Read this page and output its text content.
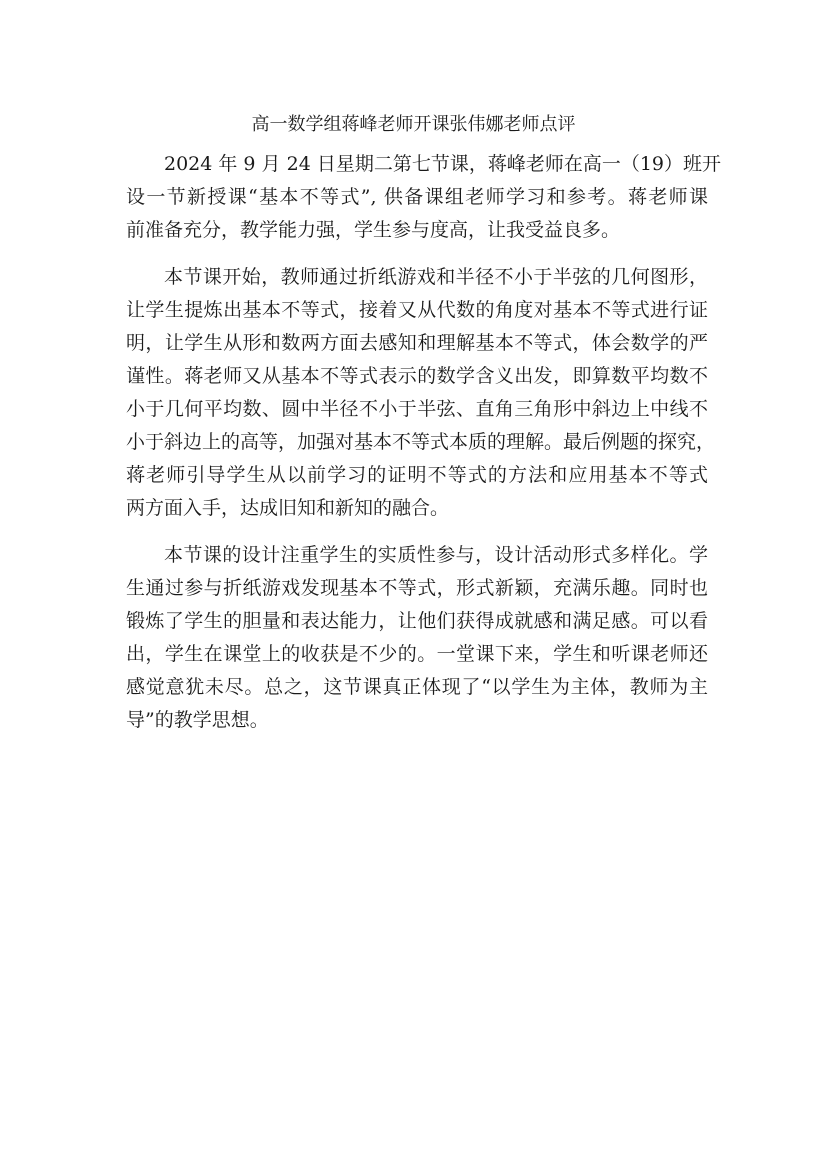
高一数学组蒋峰老师开课张伟娜老师点评
2024 年 9 月 24 日星期二第七节课，蒋峰老师在高一（19）班开
设一节新授课“基本不等式”, 供备课组老师学习和参考。蒋老师课
前准备充分，教学能力强，学生参与度高，让我受益良多。
本节课开始，教师通过折纸游戏和半径不小于半弦的几何图形，
让学生提炼出基本不等式，接着又从代数的角度对基本不等式进行证
明，让学生从形和数两方面去感知和理解基本不等式，体会数学的严
谨性。蒋老师又从基本不等式表示的数学含义出发，即算数平均数不
小于几何平均数、圆中半径不小于半弦、直角三角形中斜边上中线不
小于斜边上的高等，加强对基本不等式本质的理解。最后例题的探究，
蒋老师引导学生从以前学习的证明不等式的方法和应用基本不等式
两方面入手，达成旧知和新知的融合。
本节课的设计注重学生的实质性参与，设计活动形式多样化。学
生通过参与折纸游戏发现基本不等式，形式新颖，充满乐趣。同时也
锻炼了学生的胆量和表达能力，让他们获得成就感和满足感。可以看
出，学生在课堂上的收获是不少的。一堂课下来，学生和听课老师还
感觉意犹未尽。总之，这节课真正体现了“以学生为主体，教师为主
导”的教学思想。
